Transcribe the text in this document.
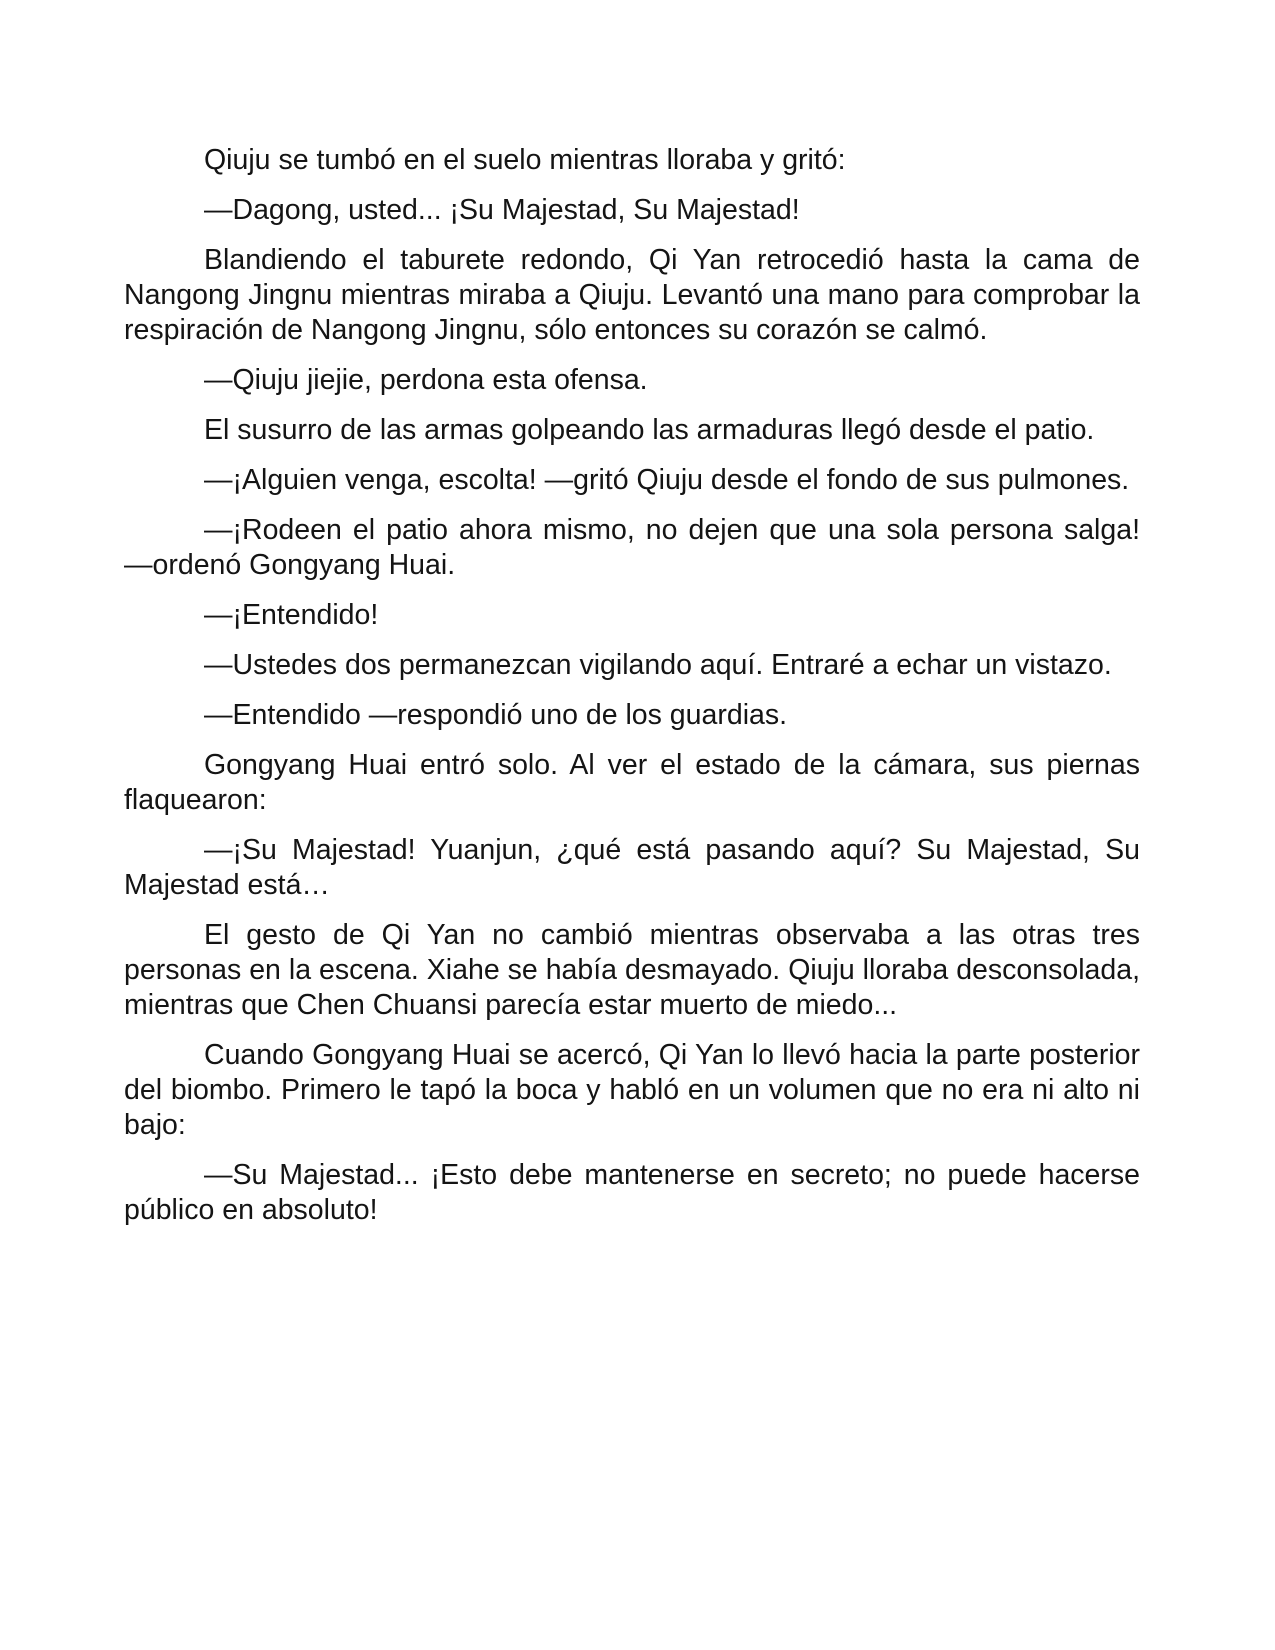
Qiuju se tumbó en el suelo mientras lloraba y gritó:

—Dagong, usted... ¡Su Majestad, Su Majestad!

Blandiendo el taburete redondo, Qi Yan retrocedió hasta la cama de Nangong Jingnu mientras miraba a Qiuju. Levantó una mano para comprobar la respiración de Nangong Jingnu, sólo entonces su corazón se calmó.

—Qiuju jiejie, perdona esta ofensa.

El susurro de las armas golpeando las armaduras llegó desde el patio.

—¡Alguien venga, escolta! —gritó Qiuju desde el fondo de sus pulmones.

—¡Rodeen el patio ahora mismo, no dejen que una sola persona salga! —ordenó Gongyang Huai.

—¡Entendido!

—Ustedes dos permanezcan vigilando aquí. Entraré a echar un vistazo.

—Entendido —respondió uno de los guardias.

Gongyang Huai entró solo. Al ver el estado de la cámara, sus piernas flaquearon:

—¡Su Majestad! Yuanjun, ¿qué está pasando aquí? Su Majestad, Su Majestad está…

El gesto de Qi Yan no cambió mientras observaba a las otras tres personas en la escena. Xiahe se había desmayado. Qiuju lloraba desconsolada, mientras que Chen Chuansi parecía estar muerto de miedo...

Cuando Gongyang Huai se acercó, Qi Yan lo llevó hacia la parte posterior del biombo. Primero le tapó la boca y habló en un volumen que no era ni alto ni bajo:

—Su Majestad... ¡Esto debe mantenerse en secreto; no puede hacerse público en absoluto!
